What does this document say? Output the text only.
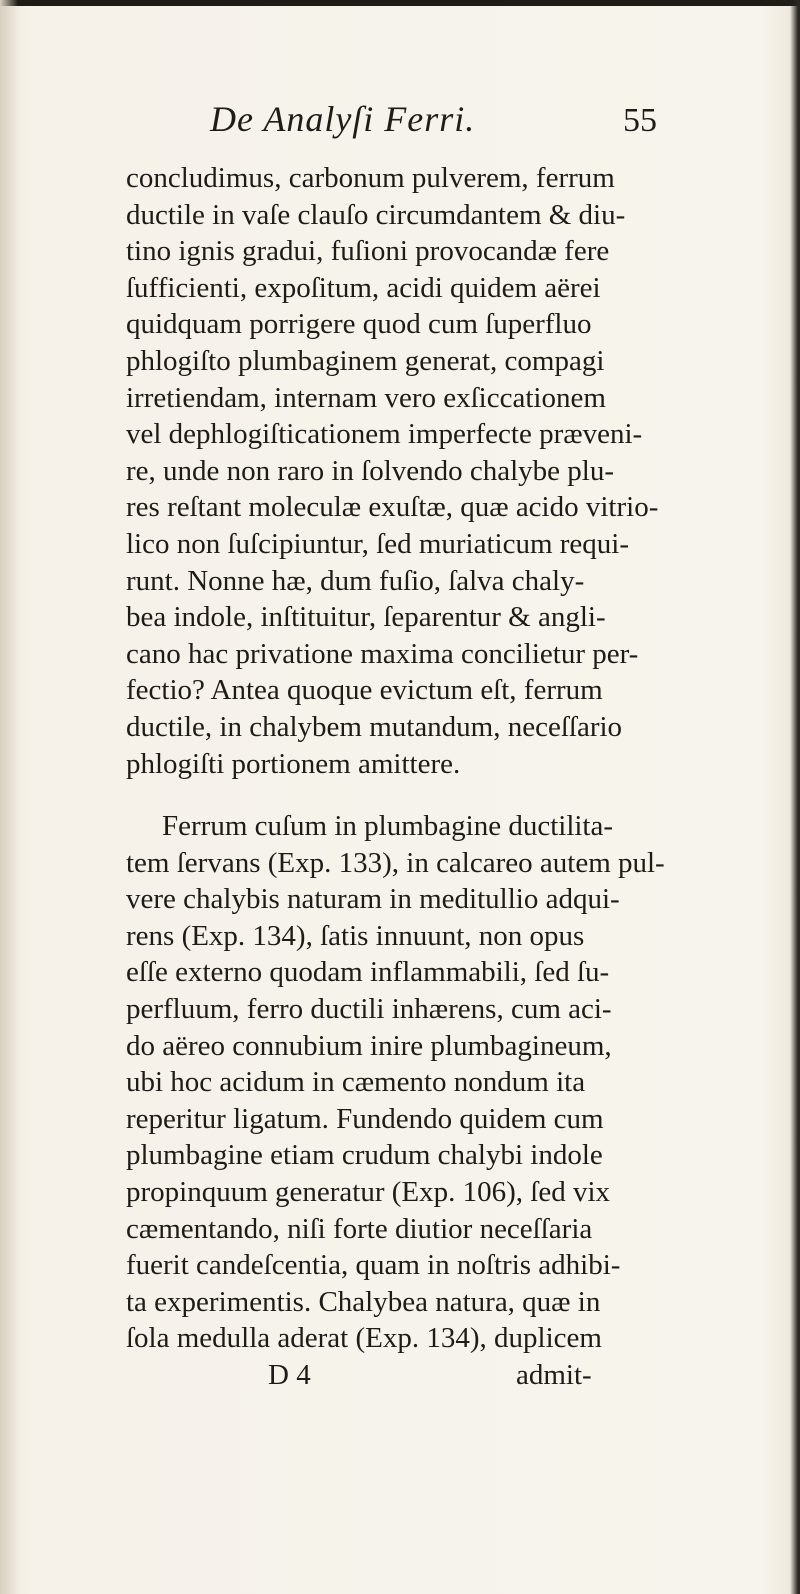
De Analyſi Ferri.	55
concludimus, carbonum pulverem, ferrum
ductile in vaſe clauſo circumdantem & diu-
tino ignis gradui, fuſioni provocandæ fere
ſufficienti, expoſitum, acidi quidem aërei
quidquam porrigere quod cum ſuperfluo
phlogiſto plumbaginem generat, compagi
irretiendam, internam vero exſiccationem
vel dephlogiſticationem imperfecte præveni-
re, unde non raro in ſolvendo chalybe plu-
res reſtant moleculæ exuſtæ, quæ acido vitrio-
lico non ſuſcipiuntur, ſed muriaticum requi-
runt. Nonne hæ, dum fuſio, ſalva chaly-
bea indole, inſtituitur, ſeparentur & angli-
cano hac privatione maxima concilietur per-
fectio? Antea quoque evictum eſt, ferrum
ductile, in chalybem mutandum, neceſſario
phlogiſti portionem amittere.
Ferrum cuſum in plumbagine ductilita-
tem ſervans (Exp. 133), in calcareo autem pul-
vere chalybis naturam in meditullio adqui-
rens (Exp. 134), ſatis innuunt, non opus
eſſe externo quodam inflammabili, ſed ſu-
perfluum, ferro ductili inhærens, cum aci-
do aëreo connubium inire plumbagineum,
ubi hoc acidum in cæmento nondum ita
reperitur ligatum. Fundendo quidem cum
plumbagine etiam crudum chalybi indole
propinquum generatur (Exp. 106), ſed vix
cæmentando, niſi forte diutior neceſſaria
fuerit candeſcentia, quam in noſtris adhibi-
ta experimentis. Chalybea natura, quæ in
ſola medulla aderat (Exp. 134), duplicem
D 4	admit-
